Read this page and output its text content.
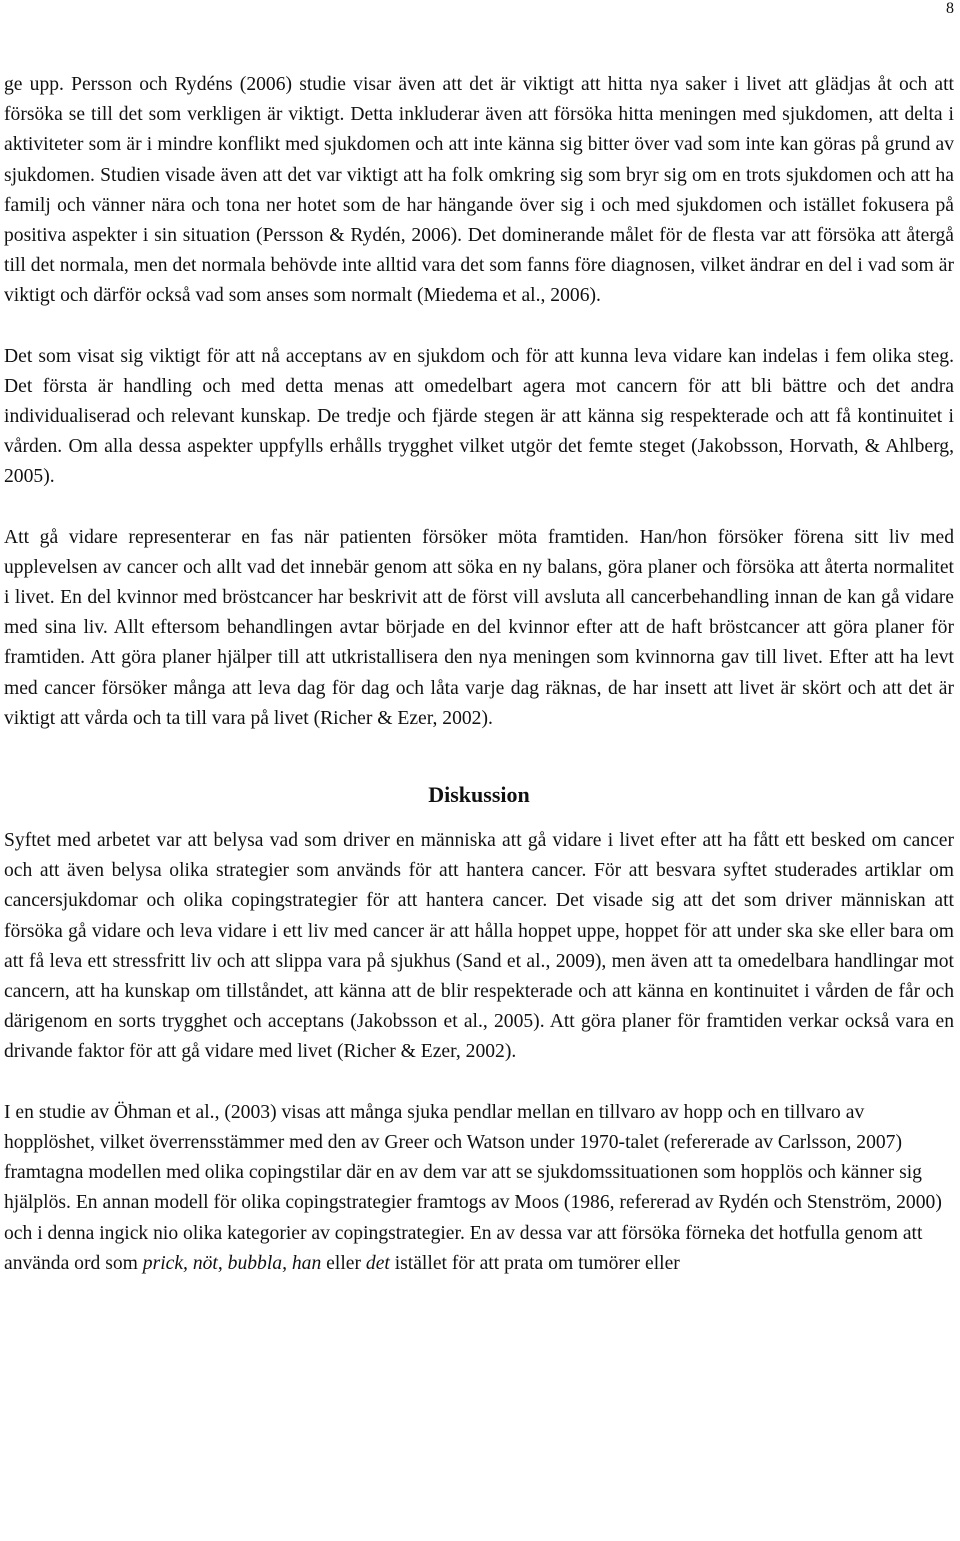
8

ge upp. Persson och Rydéns (2006) studie visar även att det är viktigt att hitta nya saker i livet att glädjas åt och att försöka se till det som verkligen är viktigt. Detta inkluderar även att försöka hitta meningen med sjukdomen, att delta i aktiviteter som är i mindre konflikt med sjukdomen och att inte känna sig bitter över vad som inte kan göras på grund av sjukdomen. Studien visade även att det var viktigt att ha folk omkring sig som bryr sig om en trots sjukdomen och att ha familj och vänner nära och tona ner hotet som de har hängande över sig i och med sjukdomen och istället fokusera på positiva aspekter i sin situation (Persson & Rydén, 2006). Det dominerande målet för de flesta var att försöka att återgå till det normala, men det normala behövde inte alltid vara det som fanns före diagnosen, vilket ändrar en del i vad som är viktigt och därför också vad som anses som normalt (Miedema et al., 2006).

Det som visat sig viktigt för att nå acceptans av en sjukdom och för att kunna leva vidare kan indelas i fem olika steg. Det första är handling och med detta menas att omedelbart agera mot cancern för att bli bättre och det andra individualiserad och relevant kunskap. De tredje och fjärde stegen är att känna sig respekterade och att få kontinuitet i vården. Om alla dessa aspekter uppfylls erhålls trygghet vilket utgör det femte steget (Jakobsson, Horvath, & Ahlberg, 2005).

Att gå vidare representerar en fas när patienten försöker möta framtiden. Han/hon försöker förena sitt liv med upplevelsen av cancer och allt vad det innebär genom att söka en ny balans, göra planer och försöka att återta normalitet i livet. En del kvinnor med bröstcancer har beskrivit att de först vill avsluta all cancerbehandling innan de kan gå vidare med sina liv. Allt eftersom behandlingen avtar började en del kvinnor efter att de haft bröstcancer att göra planer för framtiden. Att göra planer hjälper till att utkristallisera den nya meningen som kvinnorna gav till livet. Efter att ha levt med cancer försöker många att leva dag för dag och låta varje dag räknas, de har insett att livet är skört och att det är viktigt att vårda och ta till vara på livet (Richer & Ezer, 2002).

Diskussion

Syftet med arbetet var att belysa vad som driver en människa att gå vidare i livet efter att ha fått ett besked om cancer och att även belysa olika strategier som används för att hantera cancer. För att besvara syftet studerades artiklar om cancersjukdomar och olika copingstrategier för att hantera cancer. Det visade sig att det som driver människan att försöka gå vidare och leva vidare i ett liv med cancer är att hålla hoppet uppe, hoppet för att under ska ske eller bara om att få leva ett stressfritt liv och att slippa vara på sjukhus (Sand et al., 2009), men även att ta omedelbara handlingar mot cancern, att ha kunskap om tillståndet, att känna att de blir respekterade och att känna en kontinuitet i vården de får och därigenom en sorts trygghet och acceptans (Jakobsson et al., 2005). Att göra planer för framtiden verkar också vara en drivande faktor för att gå vidare med livet (Richer & Ezer, 2002).

I en studie av Öhman et al., (2003) visas att många sjuka pendlar mellan en tillvaro av hopp och en tillvaro av hopplöshet, vilket överrensstämmer med den av Greer och Watson under 1970-talet (refererade av Carlsson, 2007) framtagna modellen med olika copingstilar där en av dem var att se sjukdomssituationen som hopplös och känner sig hjälplös. En annan modell för olika copingstrategier framtogs av Moos (1986, refererad av Rydén och Stenström, 2000) och i denna ingick nio olika kategorier av copingstrategier. En av dessa var att försöka förneka det hotfulla genom att använda ord som prick, nöt, bubbla, han eller det istället för att prata om tumörer eller
